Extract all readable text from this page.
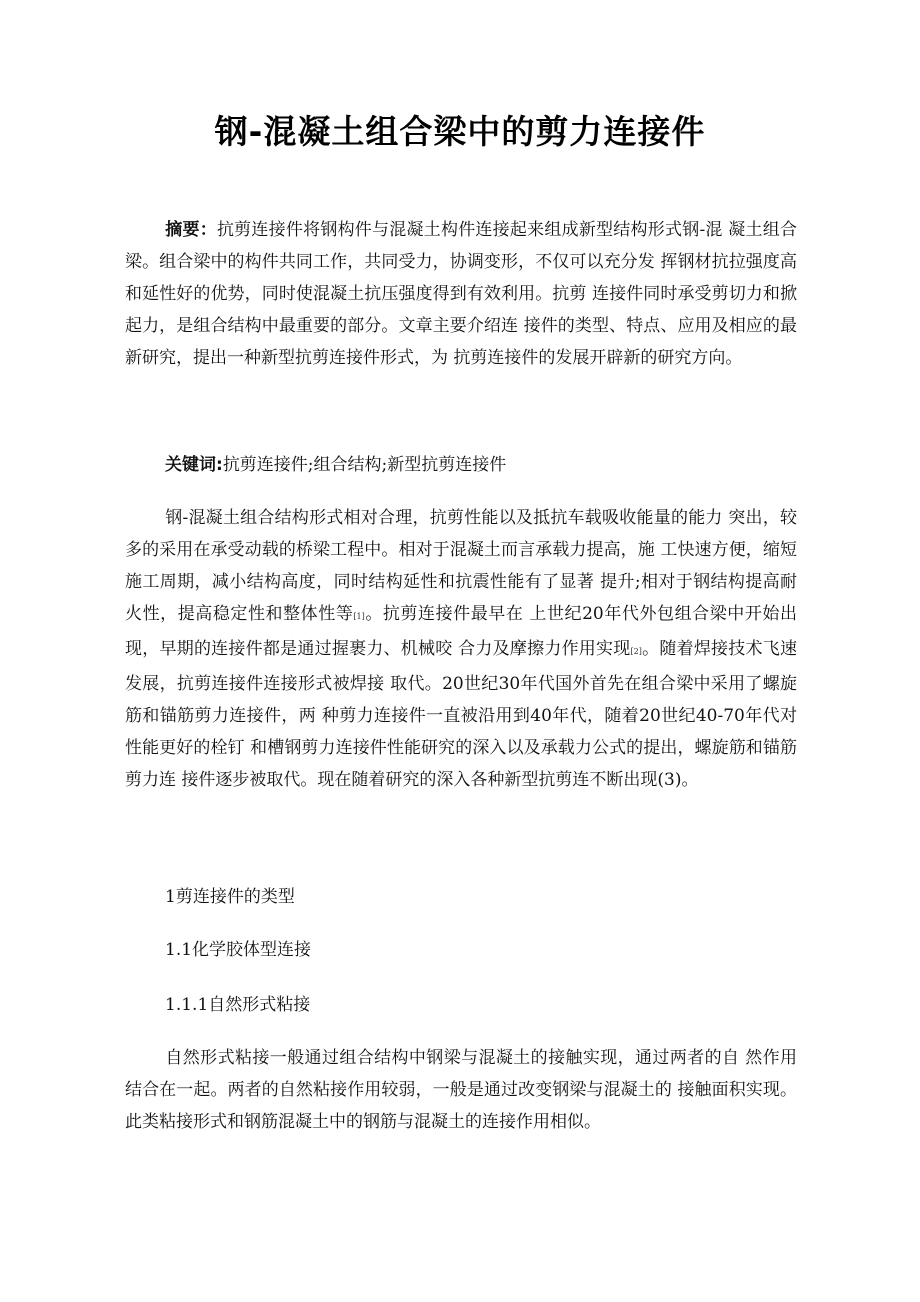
钢-混凝土组合梁中的剪力连接件

摘要：抗剪连接件将钢构件与混凝土构件连接起来组成新型结构形式钢-混 凝土组合梁。组合梁中的构件共同工作，共同受力，协调变形，不仅可以充分发 挥钢材抗拉强度高和延性好的优势，同时使混凝土抗压强度得到有效利用。抗剪 连接件同时承受剪切力和掀起力，是组合结构中最重要的部分。文章主要介绍连 接件的类型、特点、应用及相应的最新研究，提出一种新型抗剪连接件形式，为 抗剪连接件的发展开辟新的研究方向。

关键词:抗剪连接件;组合结构;新型抗剪连接件

钢-混凝土组合结构形式相对合理，抗剪性能以及抵抗车载吸收能量的能力 突出，较多的采用在承受动载的桥梁工程中。相对于混凝土而言承载力提高，施 工快速方便，缩短施工周期，减小结构高度，同时结构延性和抗震性能有了显著 提升;相对于钢结构提高耐火性，提高稳定性和整体性等[1]。抗剪连接件最早在 上世纪20年代外包组合梁中开始出现，早期的连接件都是通过握裹力、机械咬 合力及摩擦力作用实现[2]。随着焊接技术飞速发展，抗剪连接件连接形式被焊接 取代。20世纪30年代国外首先在组合梁中采用了螺旋筋和锚筋剪力连接件，两 种剪力连接件一直被沿用到40年代，随着20世纪40-70年代对性能更好的栓钉 和槽钢剪力连接件性能研究的深入以及承载力公式的提出，螺旋筋和锚筋剪力连 接件逐步被取代。现在随着研究的深入各种新型抗剪连不断出现(3)。

1剪连接件的类型

1.1化学胶体型连接

1.1.1自然形式粘接

自然形式粘接一般通过组合结构中钢梁与混凝土的接触实现，通过两者的自 然作用结合在一起。两者的自然粘接作用较弱，一般是通过改变钢梁与混凝土的 接触面积实现。此类粘接形式和钢筋混凝土中的钢筋与混凝土的连接作用相似。
